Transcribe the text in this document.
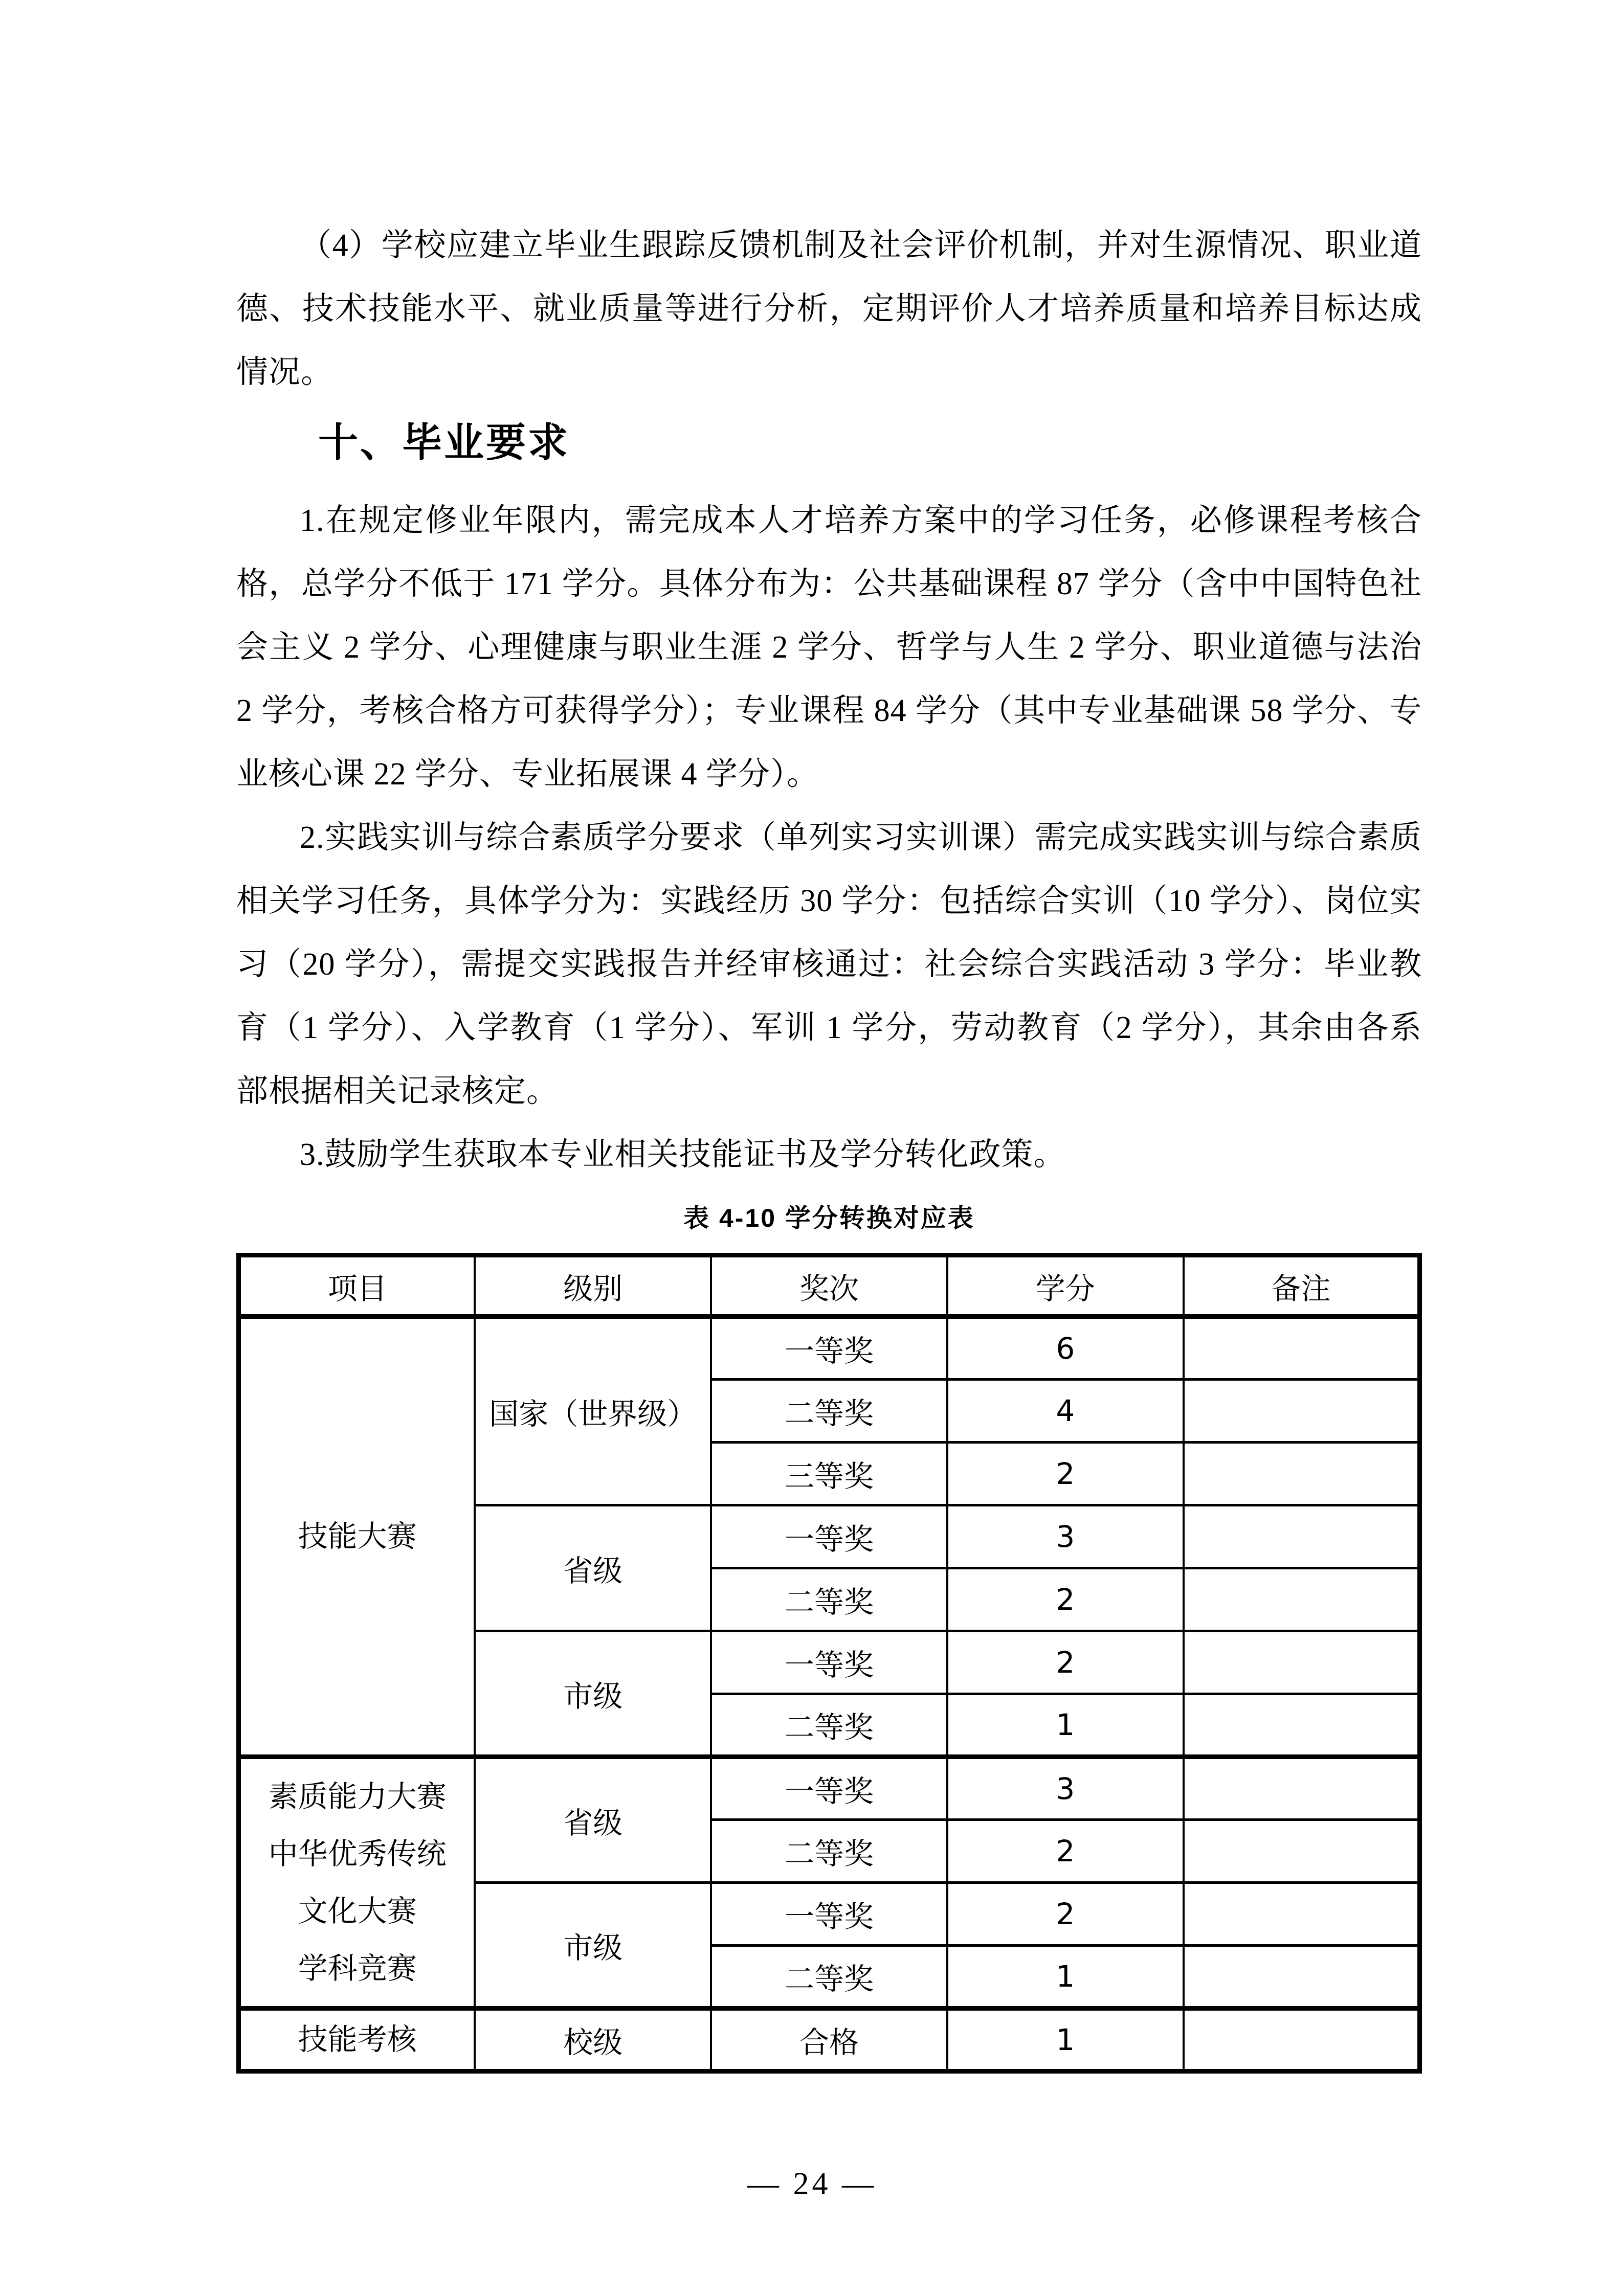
（4）学校应建立毕业生跟踪反馈机制及社会评价机制，并对生源情况、职业道德、技术技能水平、就业质量等进行分析，定期评价人才培养质量和培养目标达成情况。

十、毕业要求

1.在规定修业年限内，需完成本人才培养方案中的学习任务，必修课程考核合格，总学分不低于 171 学分。具体分布为：公共基础课程 87 学分（含中中国特色社会主义 2 学分、心理健康与职业生涯 2 学分、哲学与人生 2 学分、职业道德与法治 2 学分，考核合格方可获得学分）；专业课程 84 学分（其中专业基础课 58 学分、专业核心课 22 学分、专业拓展课 4 学分）。

2.实践实训与综合素质学分要求（单列实习实训课）需完成实践实训与综合素质相关学习任务，具体学分为：实践经历 30 学分：包括综合实训（10 学分）、岗位实习（20 学分），需提交实践报告并经审核通过：社会综合实践活动 3 学分：毕业教育（1 学分）、入学教育（1 学分）、军训 1 学分，劳动教育（2 学分），其余由各系部根据相关记录核定。

3.鼓励学生获取本专业相关技能证书及学分转化政策。

表 4-10 学分转换对应表
项目	级别	奖次	学分	备注

技能大赛	国家（世界级）	一等奖	6	
		二等奖	4	
		三等奖	2	
	省级	一等奖	3	
		二等奖	2	
	市级	一等奖	2	
		二等奖	1	

素质能力大赛
中华优秀传统
文化大赛
学科竞赛	省级	一等奖	3	
		二等奖	2	
	市级	一等奖	2	
		二等奖	1	

技能考核	校级	合格	1	
— 24 —
